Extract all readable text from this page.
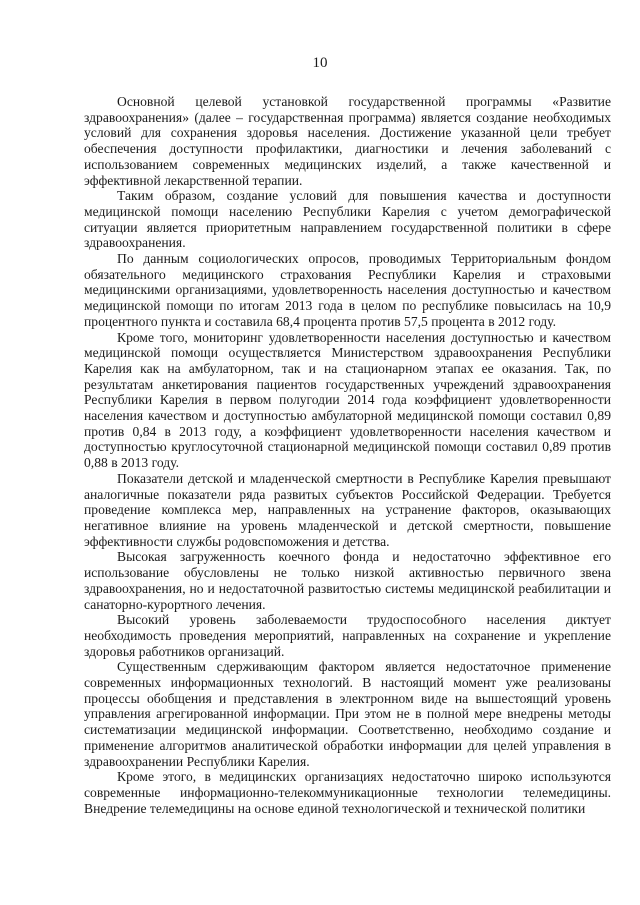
10

Основной целевой установкой государственной программы «Развитие здравоохранения» (далее – государственная программа) является создание необходимых условий для сохранения здоровья населения. Достижение указанной цели требует обеспечения доступности профилактики, диагностики и лечения заболеваний с использованием современных медицинских изделий, а также качественной и эффективной лекарственной терапии.

Таким образом, создание условий для повышения качества и доступности медицинской помощи населению Республики Карелия с учетом демографической ситуации является приоритетным направлением государственной политики в сфере здравоохранения.

По данным социологических опросов, проводимых Территориальным фондом обязательного медицинского страхования Республики Карелия и страховыми медицинскими организациями, удовлетворенность населения доступностью и качеством медицинской помощи по итогам 2013 года в целом по республике повысилась на 10,9 процентного пункта и составила 68,4 процента против 57,5 процента в 2012 году.

Кроме того, мониторинг удовлетворенности населения доступностью и качеством медицинской помощи осуществляется Министерством здравоохранения Республики Карелия как на амбулаторном, так и на стационарном этапах ее оказания. Так, по результатам анкетирования пациентов государственных учреждений здравоохранения Республики Карелия в первом полугодии 2014 года коэффициент удовлетворенности населения качеством и доступностью амбулаторной медицинской помощи составил 0,89 против 0,84 в 2013 году, а коэффициент удовлетворенности населения качеством и доступностью круглосуточной стационарной медицинской помощи составил 0,89 против 0,88 в 2013 году.

Показатели детской и младенческой смертности в Республике Карелия превышают аналогичные показатели ряда развитых субъектов Российской Федерации. Требуется проведение комплекса мер, направленных на устранение факторов, оказывающих негативное влияние на уровень младенческой и детской смертности, повышение эффективности службы родовспоможения и детства.

Высокая загруженность коечного фонда и недостаточно эффективное его использование обусловлены не только низкой активностью первичного звена здравоохранения, но и недостаточной развитостью системы медицинской реабилитации и санаторно-курортного лечения.

Высокий уровень заболеваемости трудоспособного населения диктует необходимость проведения мероприятий, направленных на сохранение и укрепление здоровья работников организаций.

Существенным сдерживающим фактором является недостаточное применение современных информационных технологий. В настоящий момент уже реализованы процессы обобщения и представления в электронном виде на вышестоящий уровень управления агрегированной информации. При этом не в полной мере внедрены методы систематизации медицинской информации. Соответственно, необходимо создание и применение алгоритмов аналитической обработки информации для целей управления в здравоохранении Республики Карелия.

Кроме этого, в медицинских организациях недостаточно широко используются современные информационно-телекоммуникационные технологии телемедицины. Внедрение телемедицины на основе единой технологической и технической политики
